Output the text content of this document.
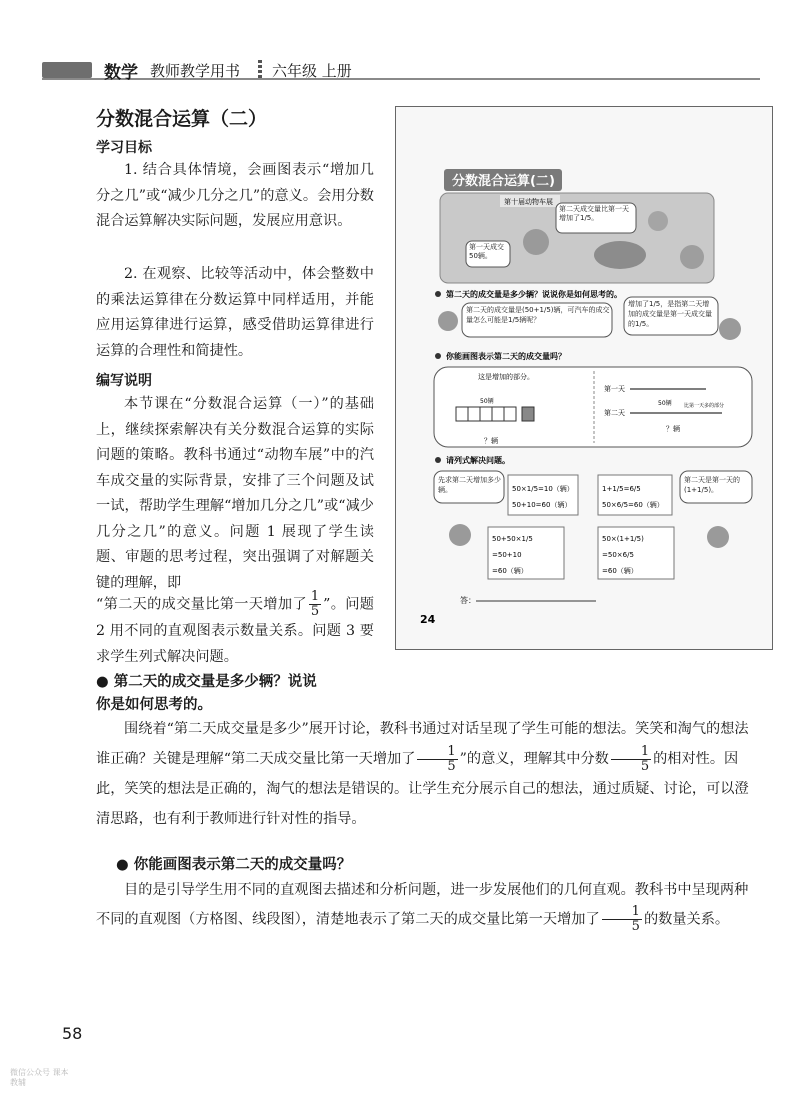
数学 教师教学用书 六年级 上册
分数混合运算（二）
学习目标
1. 结合具体情境，会画图表示“增加几分之几”或“减少几分之几”的意义。会用分数混合运算解决实际问题，发展应用意识。
2. 在观察、比较等活动中，体会整数中的乘法运算律在分数运算中同样适用，并能应用运算律进行运算，感受借助运算律进行运算的合理性和简捷性。
编写说明
本节课在“分数混合运算（一）”的基础上，继续探索解决有关分数混合运算的实际问题的策略。教科书通过“动物车展”中的汽车成交量的实际背景，安排了三个问题及试一试，帮助学生理解“增加几分之几”或“减少几分之几”的意义。问题 1 展现了学生读题、审题的思考过程，突出强调了对解题关键的理解，即
“第二天的成交量比第一天增加了 $\frac{1}{5}$ ”。问题 2 用不同的直观图表示数量关系。问题 3 要求学生列式解决问题。
● 第二天的成交量是多少辆？说说
你是如何思考的。
围绕着“第二天成交量是多少”展开讨论，教科书通过对话呈现了学生可能的想法。笑笑和淘气的想法谁正确？关键是理解“第二天成交量比第一天增加了 $\frac{1}{5}$ ”的意义，理解其中分数 $\frac{1}{5}$ 的相对性。因此，笑笑的想法是正确的，淘气的想法是错误的。让学生充分展示自己的想法，通过质疑、讨论，可以澄清思路，也有利于教师进行针对性的指导。
● 你能画图表示第二天的成交量吗？
目的是引导学生用不同的直观图去描述和分析问题，进一步发展他们的几何直观。教科书中呈现两种不同的直观图（方格图、线段图），清楚地表示了第二天的成交量比第一天增加了 $\frac{1}{5}$ 的数量关系。
58
微信公众号 课本教辅
分数混合运算(二)
第十届动物车展
第二天成交量比第一天增加了1/5。
第一天成交50辆。
第二天的成交量是多少辆？说说你是如何思考的。
第二天的成交量是(50+1/5)辆，可汽车的成交量怎么可能是1/5辆呢？
增加了1/5，是指第二天增加的成交量是第一天成交量的1/5。
你能画图表示第二天的成交量吗？
这是增加的部分。
50辆
？辆
第一天
50辆
第二天
比第一天多的部分
？辆
请列式解决问题。
先求第二天增加多少辆。	50×1/5=10（辆）
50+10=60（辆）
1+1/5=6/5
50×6/5=60（辆）
第二天是第一天的(1+1/5)。
50+50×1/5
=50+10
=60（辆）
50×(1+1/5)
=50×6/5
=60（辆）
答：
24
